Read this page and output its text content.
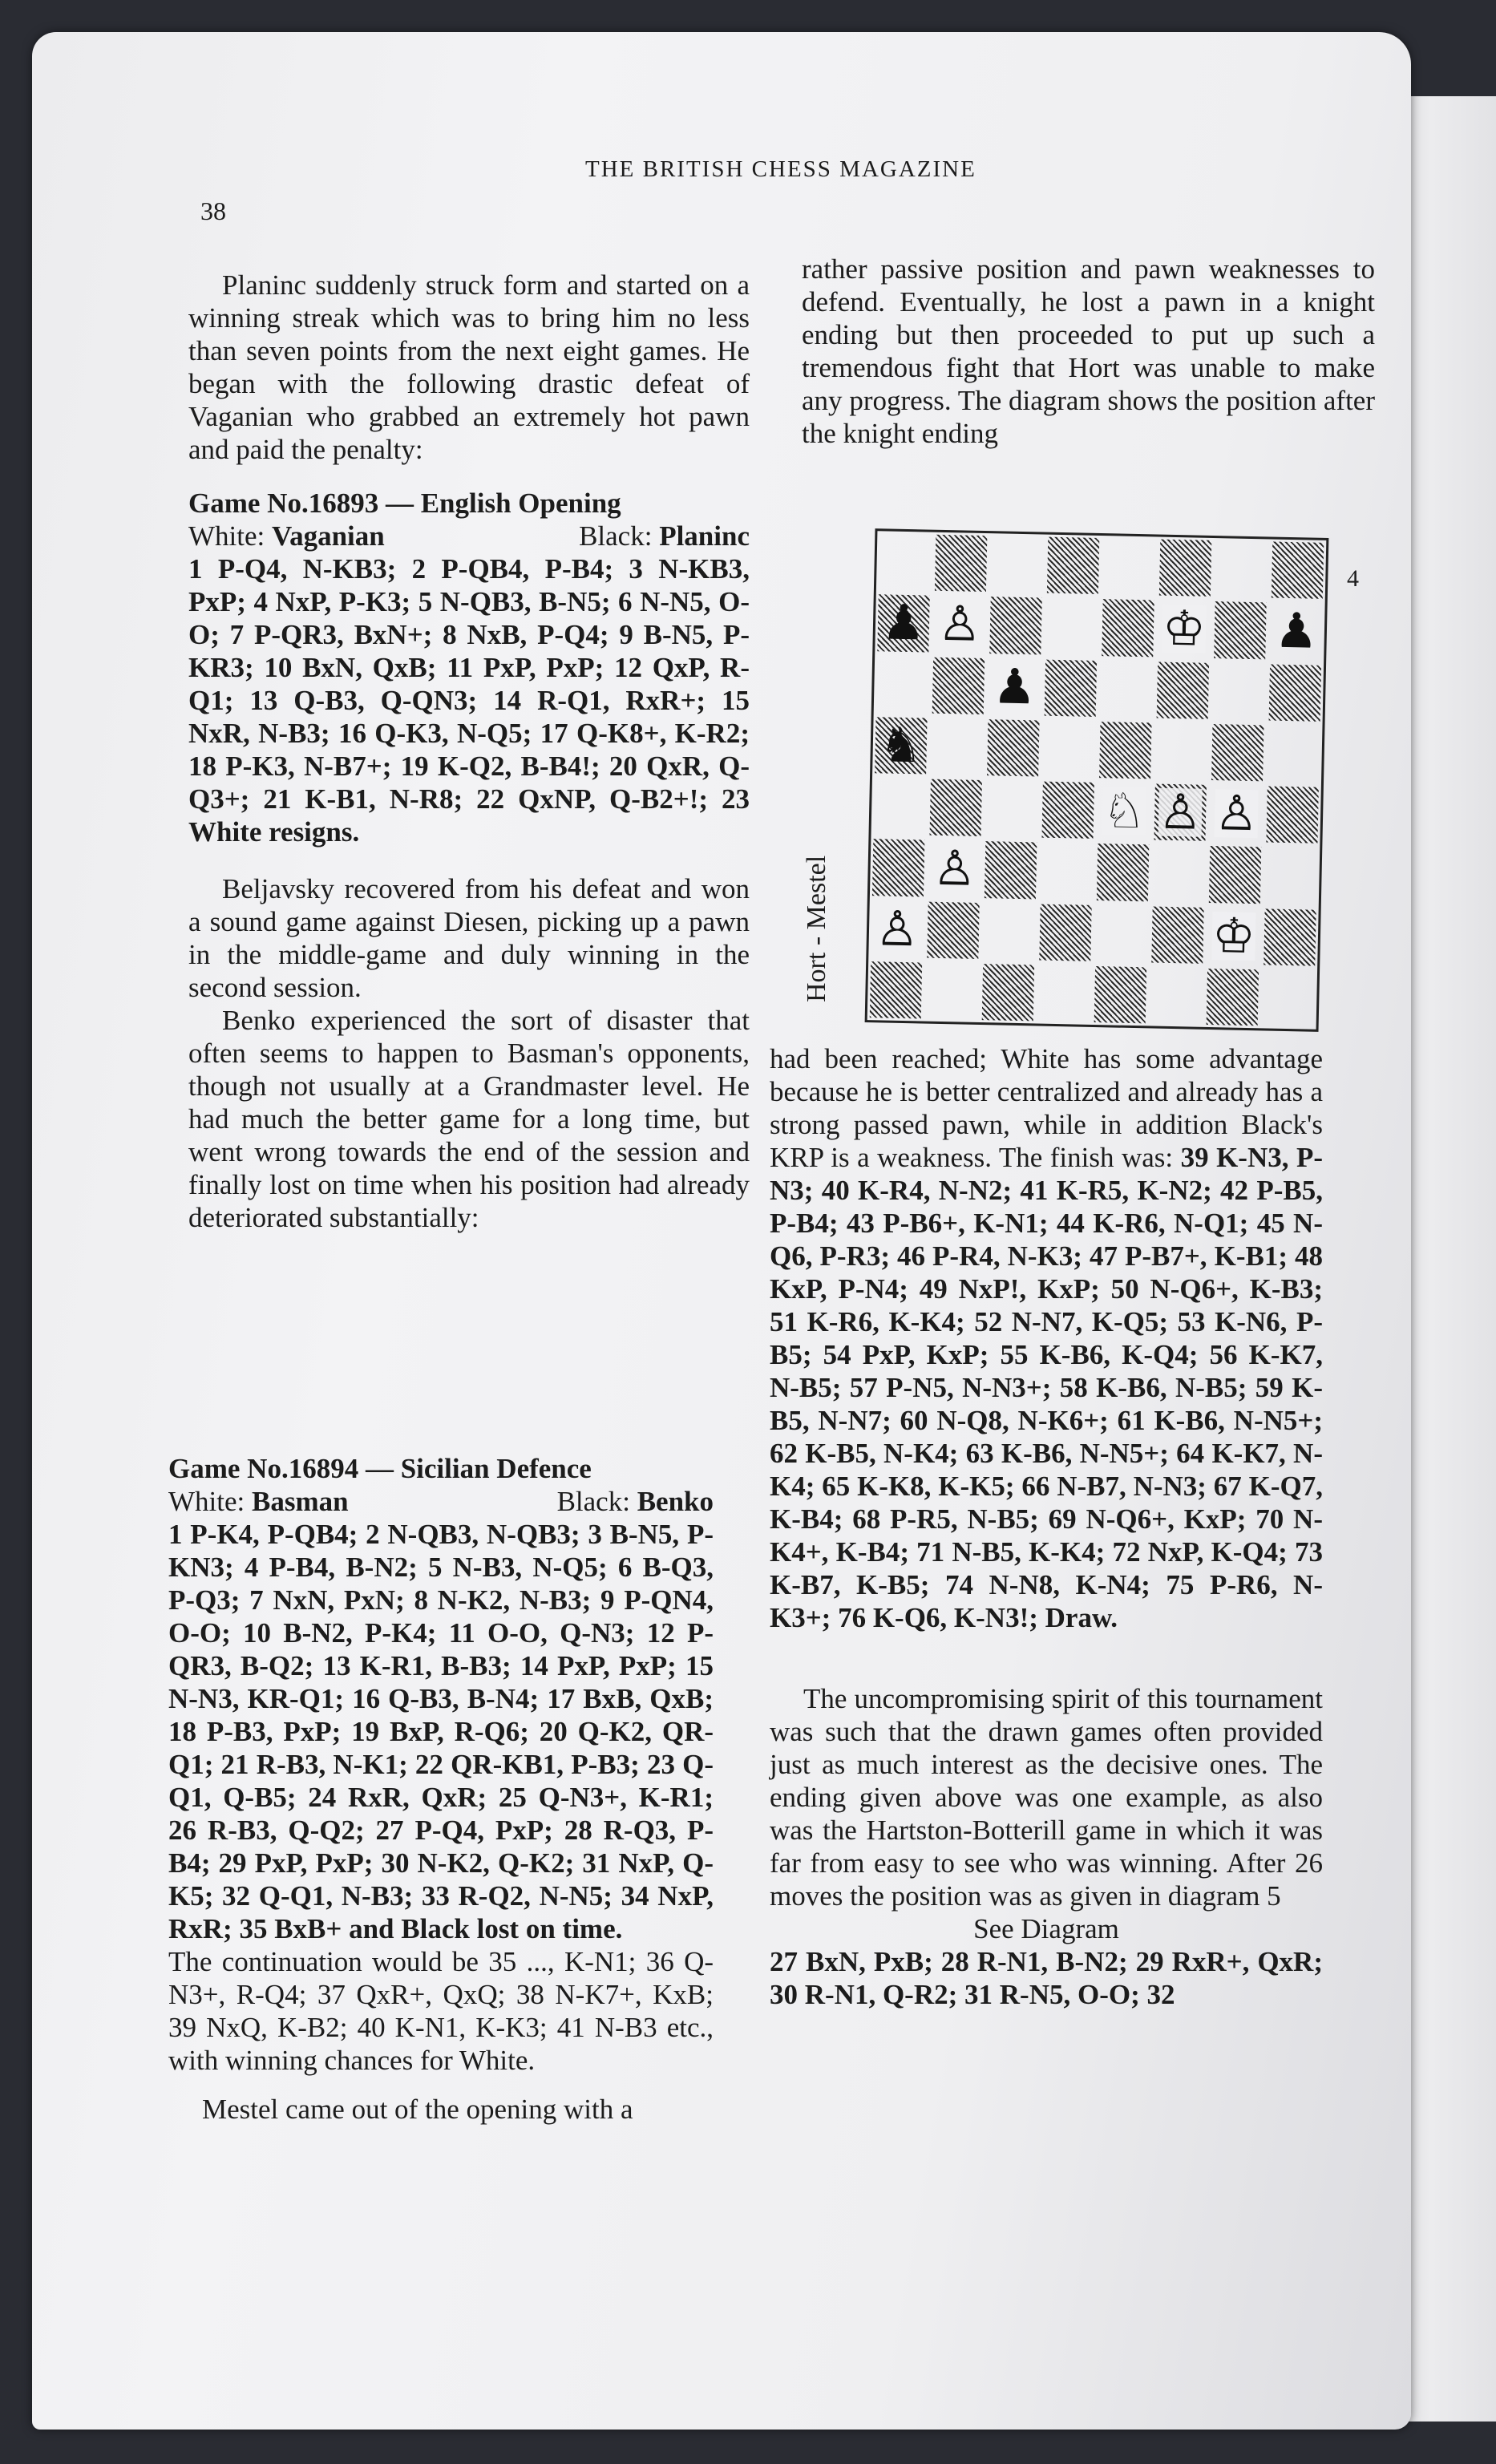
38
THE BRITISH CHESS MAGAZINE

Planinc suddenly struck form and started on a winning streak which was to bring him no less than seven points from the next eight games. He began with the following drastic defeat of Vaganian who grabbed an extremely hot pawn and paid the penalty:

Game No.16893 — English Opening
White: Vaganian	Black: Planinc

1 P-Q4, N-KB3; 2 P-QB4, P-B4; 3 N-KB3, PxP; 4 NxP, P-K3; 5 N-QB3, B-N5; 6 N-N5, O-O; 7 P-QR3, BxN+; 8 NxB, P-Q4; 9 B-N5, P-KR3; 10 BxN, QxB; 11 PxP, PxP; 12 QxP, R-Q1; 13 Q-B3, Q-QN3; 14 R-Q1, RxR+; 15 NxR, N-B3; 16 Q-K3, N-Q5; 17 Q-K8+, K-R2; 18 P-K3, N-B7+; 19 K-Q2, B-B4!; 20 QxR, Q-Q3+; 21 K-B1, N-R8; 22 QxNP, Q-B2+!; 23 White resigns.

Beljavsky recovered from his defeat and won a sound game against Diesen, picking up a pawn in the middle-game and duly winning in the second session.

Benko experienced the sort of disaster that often seems to happen to Basman's opponents, though not usually at a Grandmaster level. He had much the better game for a long time, but went wrong towards the end of the session and finally lost on time when his position had already deteriorated substantially:

Game No.16894 — Sicilian Defence
White: Basman	Black: Benko

1 P-K4, P-QB4; 2 N-QB3, N-QB3; 3 B-N5, P-KN3; 4 P-B4, B-N2; 5 N-B3, N-Q5; 6 B-Q3, P-Q3; 7 NxN, PxN; 8 N-K2, N-B3; 9 P-QN4, O-O; 10 B-N2, P-K4; 11 O-O, Q-N3; 12 P-QR3, B-Q2; 13 K-R1, B-B3; 14 PxP, PxP; 15 N-N3, KR-Q1; 16 Q-B3, B-N4; 17 BxB, QxB; 18 P-B3, PxP; 19 BxP, R-Q6; 20 Q-K2, QR-Q1; 21 R-B3, N-K1; 22 QR-KB1, P-B3; 23 Q-Q1, Q-B5; 24 RxR, QxR; 25 Q-N3+, K-R1; 26 R-B3, Q-Q2; 27 P-Q4, PxP; 28 R-Q3, P-B4; 29 PxP, PxP; 30 N-K2, Q-K2; 31 NxP, Q-K5; 32 Q-Q1, N-B3; 33 R-Q2, N-N5; 34 NxP, RxR; 35 BxB+ and Black lost on time.

The continuation would be 35 ..., K-N1; 36 Q-N3+, R-Q4; 37 QxR+, QxQ; 38 N-K7+, KxB; 39 NxQ, K-B2; 40 K-N1, K-K3; 41 N-B3 etc., with winning chances for White.

Mestel came out of the opening with a

rather passive position and pawn weaknesses to defend. Eventually, he lost a pawn in a knight ending but then proceeded to put up such a tremendous fight that Hort was unable to make any progress. The diagram shows the position after the knight ending

Hort - Mestel
4
♟ ♙	♔ ♟
♟
♞
♘ ♙ ♙
♙
♙	♔

had been reached; White has some advantage because he is better centralized and already has a strong passed pawn, while in addition Black's KRP is a weakness. The finish was: 39 K-N3, P-N3; 40 K-R4, N-N2; 41 K-R5, K-N2; 42 P-B5, P-B4; 43 P-B6+, K-N1; 44 K-R6, N-Q1; 45 N-Q6, P-R3; 46 P-R4, N-K3; 47 P-B7+, K-B1; 48 KxP, P-N4; 49 NxP!, KxP; 50 N-Q6+, K-B3; 51 K-R6, K-K4; 52 N-N7, K-Q5; 53 K-N6, P-B5; 54 PxP, KxP; 55 K-B6, K-Q4; 56 K-K7, N-B5; 57 P-N5, N-N3+; 58 K-B6, N-B5; 59 K-B5, N-N7; 60 N-Q8, N-K6+; 61 K-B6, N-N5+; 62 K-B5, N-K4; 63 K-B6, N-N5+; 64 K-K7, N-K4; 65 K-K8, K-K5; 66 N-B7, N-N3; 67 K-Q7, K-B4; 68 P-R5, N-B5; 69 N-Q6+, KxP; 70 N-K4+, K-B4; 71 N-B5, K-K4; 72 NxP, K-Q4; 73 K-B7, K-B5; 74 N-N8, K-N4; 75 P-R6, N-K3+; 76 K-Q6, K-N3!; Draw.

The uncompromising spirit of this tournament was such that the drawn games often provided just as much interest as the decisive ones. The ending given above was one example, as also was the Hartston-Botterill game in which it was far from easy to see who was winning. After 26 moves the position was as given in diagram 5

See Diagram

27 BxN, PxB; 28 R-N1, B-N2; 29 RxR+, QxR; 30 R-N1, Q-R2; 31 R-N5, O-O; 32
